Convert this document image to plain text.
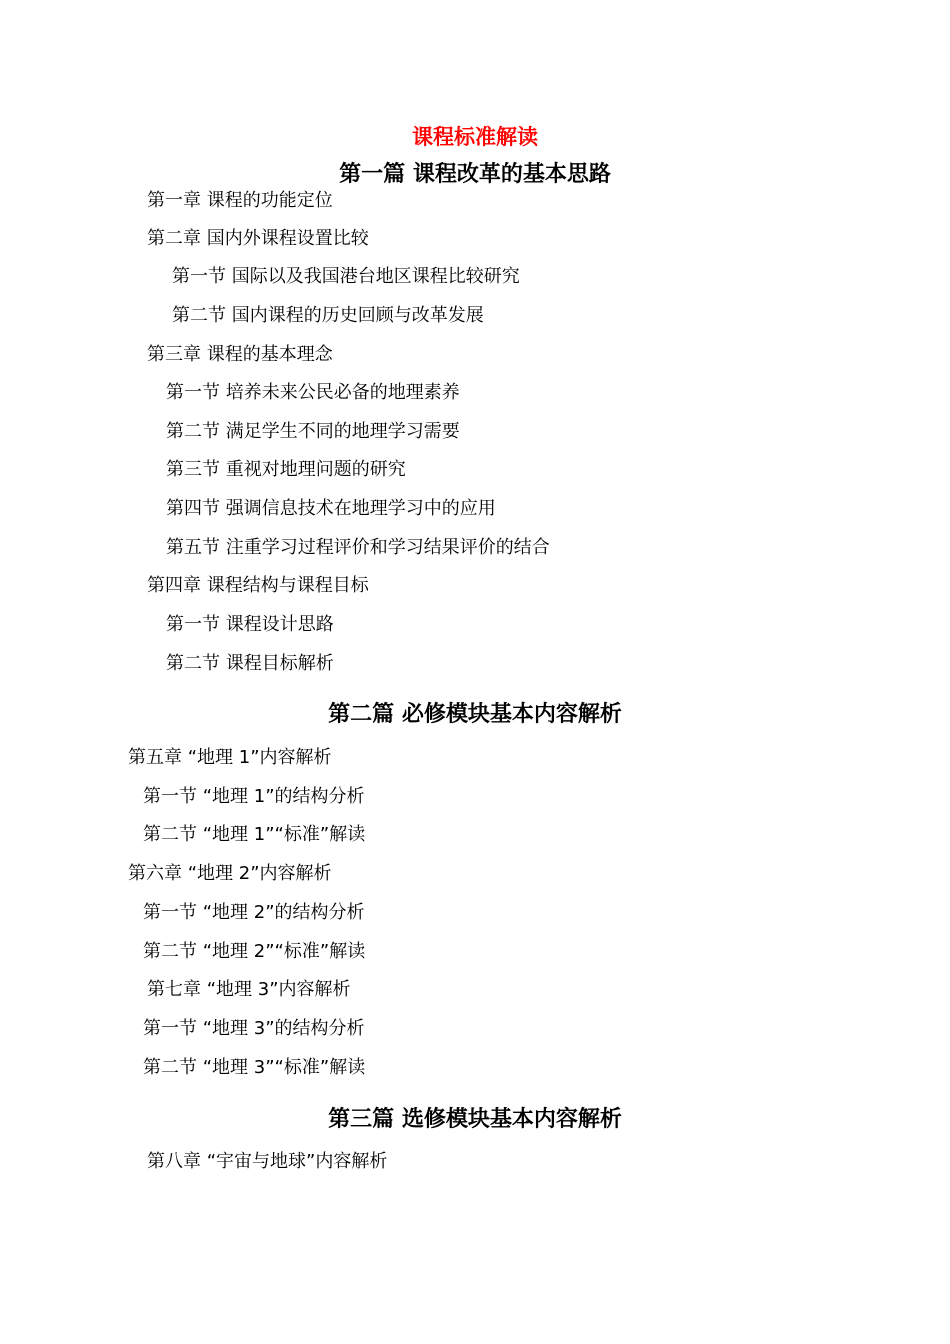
课程标准解读
第一篇 课程改革的基本思路
第一章 课程的功能定位
第二章 国内外课程设置比较
第一节 国际以及我国港台地区课程比较研究
第二节 国内课程的历史回顾与改革发展
第三章 课程的基本理念
第一节 培养未来公民必备的地理素养
第二节 满足学生不同的地理学习需要
第三节 重视对地理问题的研究
第四节 强调信息技术在地理学习中的应用
第五节 注重学习过程评价和学习结果评价的结合
第四章 课程结构与课程目标
第一节 课程设计思路
第二节 课程目标解析
第二篇 必修模块基本内容解析
第五章 “地理 1”内容解析
第一节 “地理 1”的结构分析
第二节 “地理 1”“标准”解读
第六章 “地理 2”内容解析
第一节 “地理 2”的结构分析
第二节 “地理 2”“标准”解读
第七章 “地理 3”内容解析
第一节 “地理 3”的结构分析
第二节 “地理 3”“标准”解读
第三篇 选修模块基本内容解析
第八章 “宇宙与地球”内容解析
